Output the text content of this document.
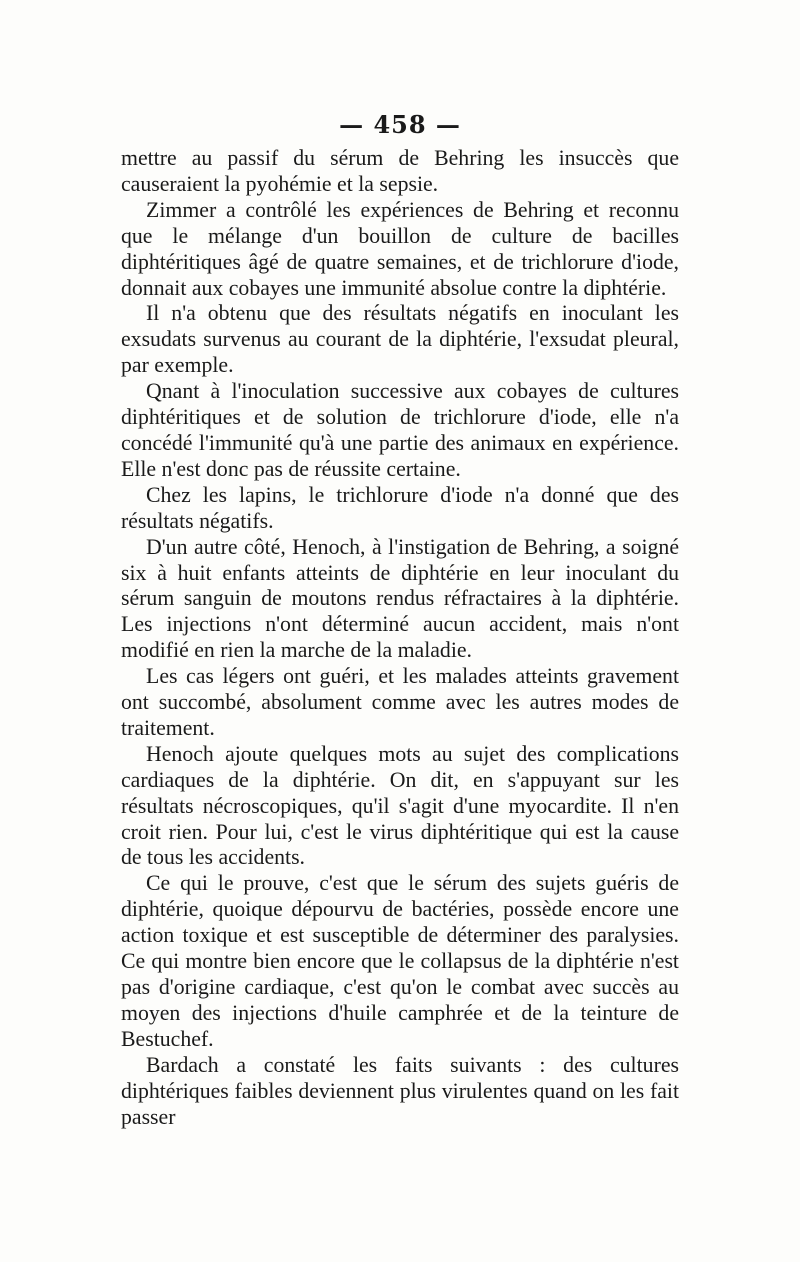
— 458 —

mettre au passif du sérum de Behring les insuccès que causeraient la pyohémie et la sepsie.

Zimmer a contrôlé les expériences de Behring et reconnu que le mélange d'un bouillon de culture de bacilles diphtéritiques âgé de quatre semaines, et de trichlorure d'iode, donnait aux cobayes une immunité absolue contre la diphtérie.

Il n'a obtenu que des résultats négatifs en inoculant les exsudats survenus au courant de la diphtérie, l'exsudat pleural, par exemple.

Qnant à l'inoculation successive aux cobayes de cultures diphtéritiques et de solution de trichlorure d'iode, elle n'a concédé l'immunité qu'à une partie des animaux en expérience. Elle n'est donc pas de réussite certaine.

Chez les lapins, le trichlorure d'iode n'a donné que des résultats négatifs.

D'un autre côté, Henoch, à l'instigation de Behring, a soigné six à huit enfants atteints de diphtérie en leur inoculant du sérum sanguin de moutons rendus réfractaires à la diphtérie. Les injections n'ont déterminé aucun accident, mais n'ont modifié en rien la marche de la maladie.

Les cas légers ont guéri, et les malades atteints gravement ont succombé, absolument comme avec les autres modes de traitement.

Henoch ajoute quelques mots au sujet des complications cardiaques de la diphtérie. On dit, en s'appuyant sur les résultats nécroscopiques, qu'il s'agit d'une myocardite. Il n'en croit rien. Pour lui, c'est le virus diphtéritique qui est la cause de tous les accidents.

Ce qui le prouve, c'est que le sérum des sujets guéris de diphtérie, quoique dépourvu de bactéries, possède encore une action toxique et est susceptible de déterminer des paralysies. Ce qui montre bien encore que le collapsus de la diphtérie n'est pas d'origine cardiaque, c'est qu'on le combat avec succès au moyen des injections d'huile camphrée et de la teinture de Bestuchef.

Bardach a constaté les faits suivants : des cultures diphtériques faibles deviennent plus virulentes quand on les fait passer
